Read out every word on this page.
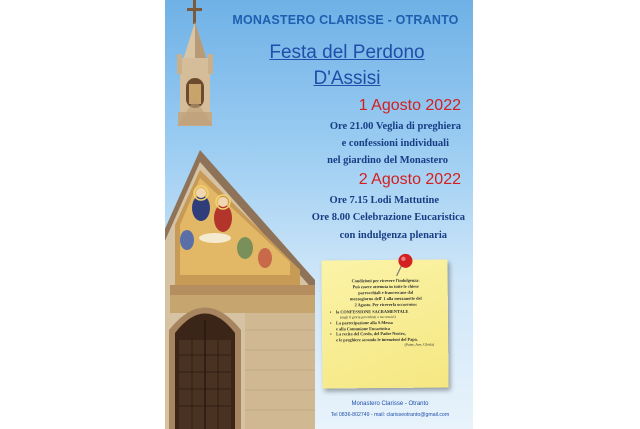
MONASTERO CLARISSE - OTRANTO
Festa del Perdono
D'Assisi
1 Agosto 2022
Ore 21.00 Veglia di preghiera
e confessioni individuali
nel giardino del Monastero
2 Agosto 2022
Ore 7.15 Lodi Mattutine
Ore 8.00 Celebrazione Eucaristica
con indulgenza plenaria

Condizioni per ricevere l'indulgenza:

Può essere ottenuta in tutte le chiese

parrocchiali e francescane dal

mezzogiorno dell' 1 alla mezzanotte del

2 Agosto. Per riceverla occorrono:

• la CONFESSIONE SACRAMENTALE
(negli 8 giorni precedenti o successivi)
• La partecipazione alla S.Messa
e alla Comunione Eucaristica
• La recita del Credo, del Padre Nostro,
e le preghiere secondo le intenzioni del Papa.
(Pater, Ave, Gloria)
Monastero Clarisse - Otranto
Tel 0836-802749 - mail: clarisseotranto@gmail.com
